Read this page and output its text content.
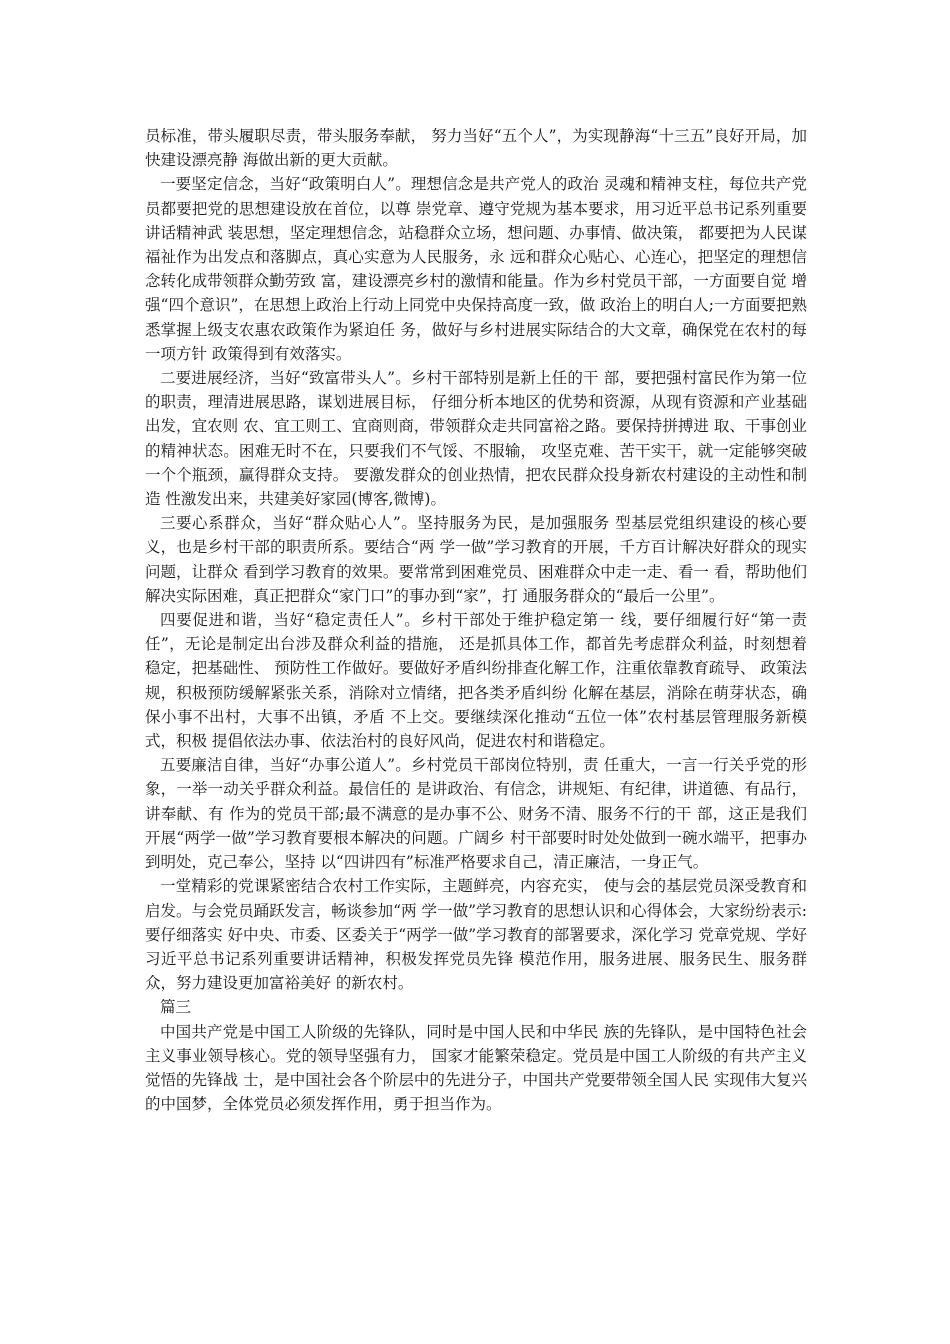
员标准，带头履职尽责，带头服务奉献， 努力当好“五个人”，为实现静海“十三五”良好开局，加快建设漂亮静 海做出新的更大贡献。

一要坚定信念，当好“政策明白人”。理想信念是共产党人的政治 灵魂和精神支柱，每位共产党员都要把党的思想建设放在首位，以尊 崇党章、遵守党规为基本要求，用习近平总书记系列重要讲话精神武 装思想，坚定理想信念，站稳群众立场，想问题、办事情、做决策， 都要把为人民谋福祉作为出发点和落脚点，真心实意为人民服务，永 远和群众心贴心、心连心，把坚定的理想信念转化成带领群众勤劳致 富，建设漂亮乡村的激情和能量。作为乡村党员干部，一方面要自觉 增强“四个意识”，在思想上政治上行动上同党中央保持高度一致，做 政治上的明白人;一方面要把熟悉掌握上级支农惠农政策作为紧迫任 务，做好与乡村进展实际结合的大文章，确保党在农村的每一项方针 政策得到有效落实。

二要进展经济，当好“致富带头人”。乡村干部特别是新上任的干 部，要把强村富民作为第一位的职责，理清进展思路，谋划进展目标， 仔细分析本地区的优势和资源，从现有资源和产业基础出发，宜农则 农、宜工则工、宜商则商，带领群众走共同富裕之路。要保持拼搏进 取、干事创业的精神状态。困难无时不在，只要我们不气馁、不服输， 攻坚克难、苦干实干，就一定能够突破一个个瓶颈，赢得群众支持。 要激发群众的创业热情，把农民群众投身新农村建设的主动性和制造 性激发出来，共建美好家园(博客,微博)。

三要心系群众，当好“群众贴心人”。坚持服务为民，是加强服务 型基层党组织建设的核心要义，也是乡村干部的职责所系。要结合“两 学一做”学习教育的开展，千方百计解决好群众的现实问题，让群众 看到学习教育的效果。要常常到困难党员、困难群众中走一走、看一 看，帮助他们解决实际困难，真正把群众“家门口”的事办到“家”，打 通服务群众的“最后一公里”。

四要促进和谐，当好“稳定责任人”。乡村干部处于维护稳定第一 线，要仔细履行好“第一责任”，无论是制定出台涉及群众利益的措施， 还是抓具体工作，都首先考虑群众利益，时刻想着稳定，把基础性、 预防性工作做好。要做好矛盾纠纷排查化解工作，注重依靠教育疏导、 政策法规，积极预防缓解紧张关系，消除对立情绪，把各类矛盾纠纷 化解在基层，消除在萌芽状态，确保小事不出村，大事不出镇，矛盾 不上交。要继续深化推动“五位一体”农村基层管理服务新模式，积极 提倡依法办事、依法治村的良好风尚，促进农村和谐稳定。

五要廉洁自律，当好“办事公道人”。乡村党员干部岗位特别，责 任重大，一言一行关乎党的形象，一举一动关乎群众利益。最信任的 是讲政治、有信念，讲规矩、有纪律，讲道德、有品行，讲奉献、有 作为的党员干部;最不满意的是办事不公、财务不清、服务不行的干 部，这正是我们开展“两学一做”学习教育要根本解决的问题。广阔乡 村干部要时时处处做到一碗水端平，把事办到明处，克己奉公，坚持 以“四讲四有”标准严格要求自己，清正廉洁，一身正气。

一堂精彩的党课紧密结合农村工作实际，主题鲜亮，内容充实， 使与会的基层党员深受教育和启发。与会党员踊跃发言，畅谈参加“两 学一做”学习教育的思想认识和心得体会，大家纷纷表示:要仔细落实 好中央、市委、区委关于“两学一做”学习教育的部署要求，深化学习 党章党规、学好习近平总书记系列重要讲话精神，积极发挥党员先锋 模范作用，服务进展、服务民生、服务群众，努力建设更加富裕美好 的新农村。

篇三

中国共产党是中国工人阶级的先锋队，同时是中国人民和中华民 族的先锋队，是中国特色社会主义事业领导核心。党的领导坚强有力， 国家才能繁荣稳定。党员是中国工人阶级的有共产主义觉悟的先锋战 士，是中国社会各个阶层中的先进分子，中国共产党要带领全国人民 实现伟大复兴的中国梦，全体党员必须发挥作用，勇于担当作为。
